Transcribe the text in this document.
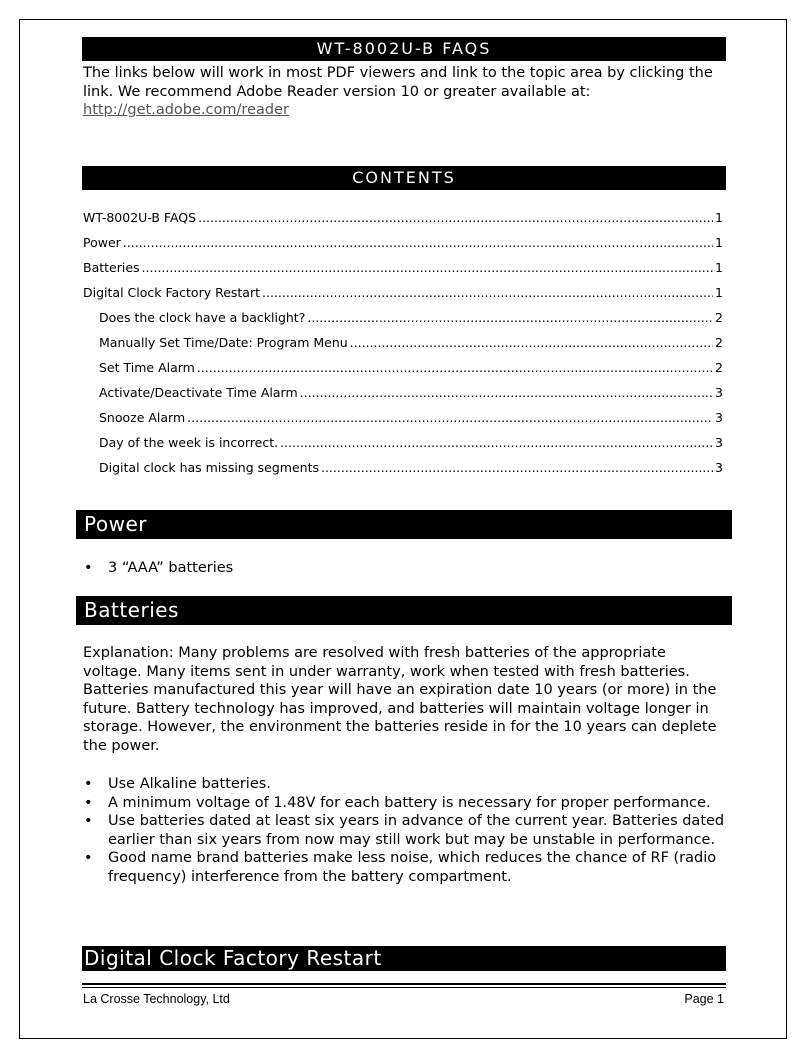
WT-8002U-B FAQS
The links below will work in most PDF viewers and link to the topic area by clicking the link. We recommend Adobe Reader version 10 or greater available at:
http://get.adobe.com/reader
CONTENTS
WT-8002U-B FAQS .....	1
Power .....	1
Batteries .....	1
Digital Clock Factory Restart .....	1
Does the clock have a backlight? .....	2
Manually Set Time/Date: Program Menu .....	2
Set Time Alarm .....	2
Activate/Deactivate Time Alarm .....	3
Snooze Alarm .....	3
Day of the week is incorrect. .....	3
Digital clock has missing segments .....	3
Power
• 3 “AAA” batteries
Batteries

Explanation: Many problems are resolved with fresh batteries of the appropriate voltage. Many items sent in under warranty, work when tested with fresh batteries. Batteries manufactured this year will have an expiration date 10 years (or more) in the future. Battery technology has improved, and batteries will maintain voltage longer in storage. However, the environment the batteries reside in for the 10 years can deplete the power.

• Use Alkaline batteries.
• A minimum voltage of 1.48V for each battery is necessary for proper performance.
• Use batteries dated at least six years in advance of the current year. Batteries dated earlier than six years from now may still work but may be unstable in performance.
• Good name brand batteries make less noise, which reduces the chance of RF (radio frequency) interference from the battery compartment.
Digital Clock Factory Restart
La Crosse Technology, Ltd	Page 1
